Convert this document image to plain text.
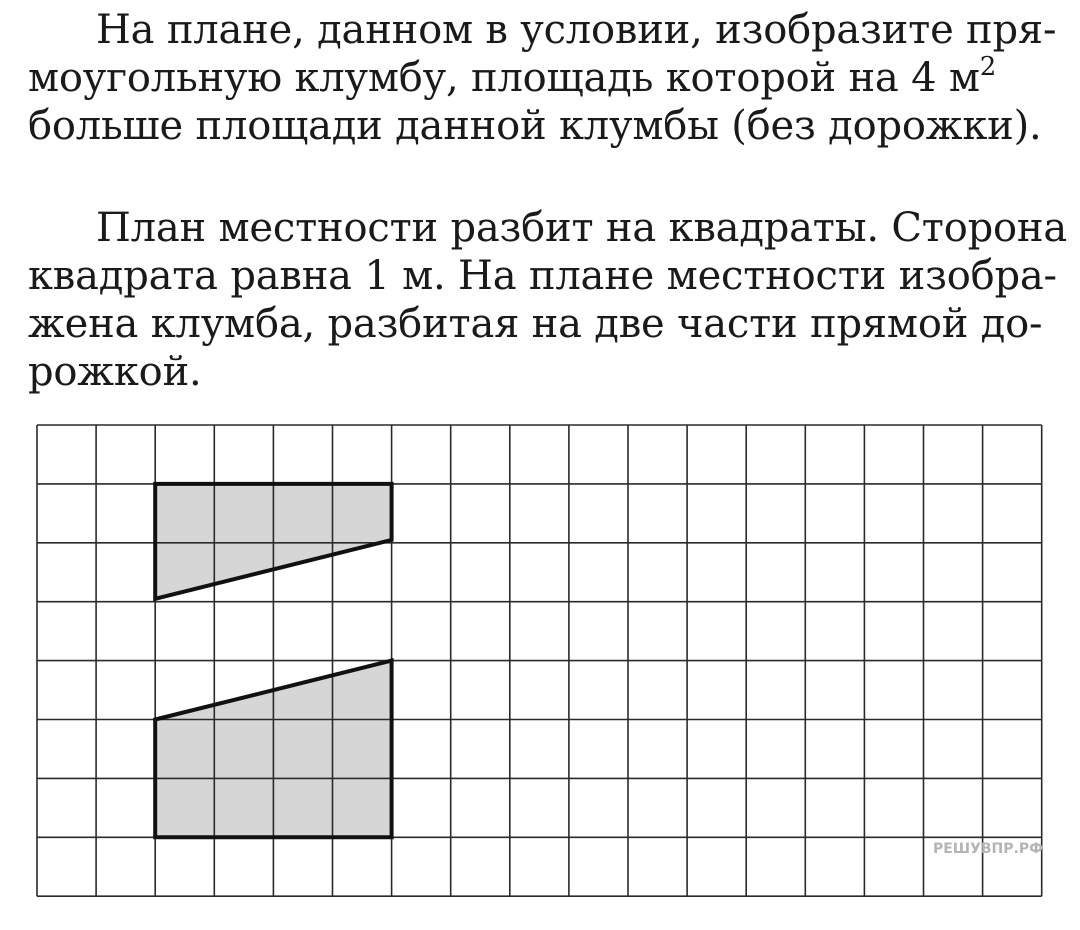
На плане, данном в условии, изобразите пря-
моугольную клумбу, площадь которой на 4 $м^2$
больше площади данной клумбы (без дорожки).

План местности разбит на квадраты. Сторона
квадрата равна 1 м. На плане местности изобра-
жена клумба, разбитая на две части прямой до-
рожкой.

РЕШУВПР.РФ
